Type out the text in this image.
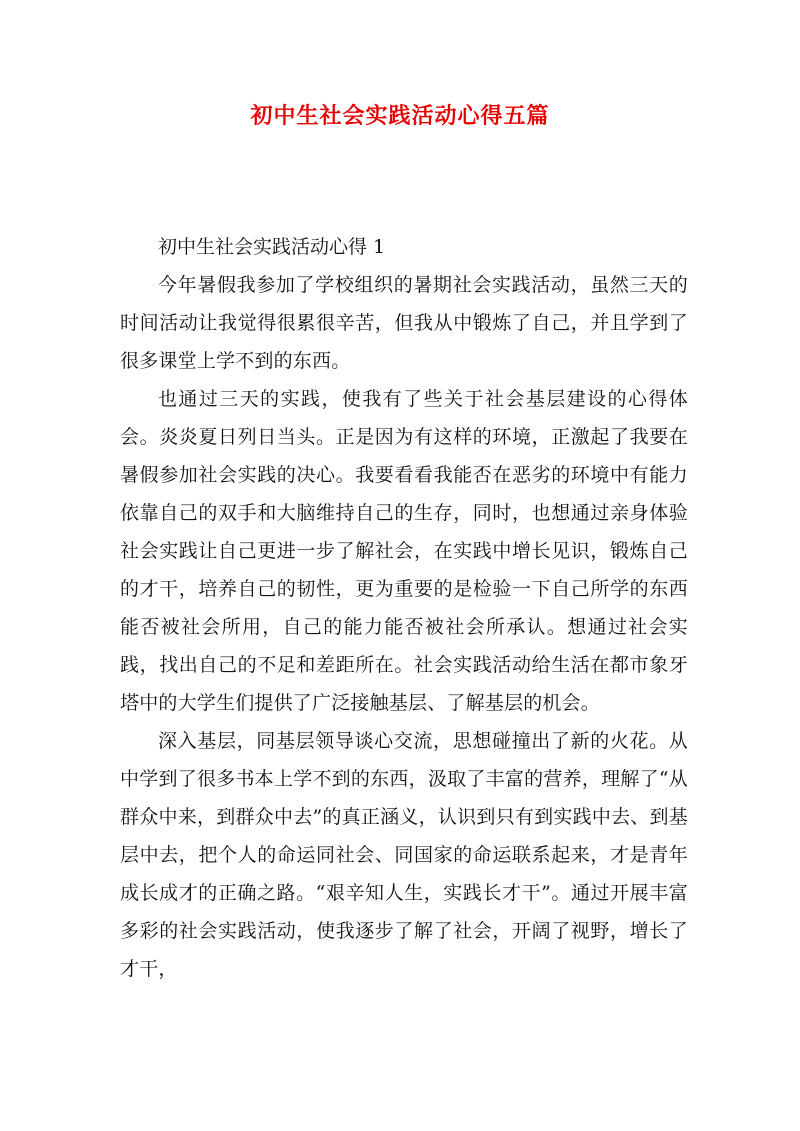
初中生社会实践活动心得五篇

初中生社会实践活动心得 1

今年暑假我参加了学校组织的暑期社会实践活动，虽然三天的时间活动让我觉得很累很辛苦，但我从中锻炼了自己，并且学到了很多课堂上学不到的东西。

也通过三天的实践，使我有了些关于社会基层建设的心得体会。炎炎夏日列日当头。正是因为有这样的环境，正激起了我要在暑假参加社会实践的决心。我要看看我能否在恶劣的环境中有能力依靠自己的双手和大脑维持自己的生存，同时，也想通过亲身体验社会实践让自己更进一步了解社会，在实践中增长见识，锻炼自己的才干，培养自己的韧性，更为重要的是检验一下自己所学的东西能否被社会所用，自己的能力能否被社会所承认。想通过社会实践，找出自己的不足和差距所在。社会实践活动给生活在都市象牙塔中的大学生们提供了广泛接触基层、了解基层的机会。

深入基层，同基层领导谈心交流，思想碰撞出了新的火花。从中学到了很多书本上学不到的东西，汲取了丰富的营养，理解了“从群众中来，到群众中去”的真正涵义，认识到只有到实践中去、到基层中去，把个人的命运同社会、同国家的命运联系起来，才是青年成长成才的正确之路。“艰辛知人生，实践长才干”。通过开展丰富多彩的社会实践活动，使我逐步了解了社会，开阔了视野，增长了才干，
